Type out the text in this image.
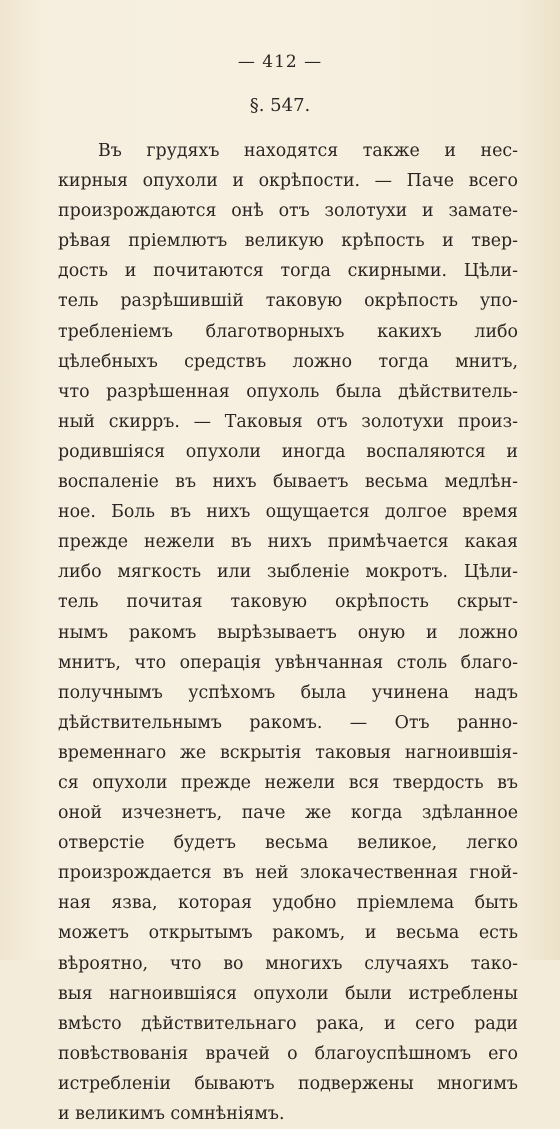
— 412 —
§. 547.
Въ грудяхъ находятся также и нес-
кирныя опухоли и окрѣпости. — Паче всего
произрождаются онѣ отъ золотухи и замате-
рѣвая пріемлютъ великую крѣпость и твер-
дость и почитаются тогда скирными. Цѣли-
тель разрѣшившій таковую окрѣпость упо-
требленіемъ благотворныхъ какихъ либо
цѣлебныхъ средствъ ложно тогда мнитъ,
что разрѣшенная опухоль была дѣйствитель-
ный скирръ. — Таковыя отъ золотухи произ-
родившіяся опухоли иногда воспаляются и
воспаленіе въ нихъ бываетъ весьма медлѣн-
ное. Боль въ нихъ ощущается долгое время
прежде нежели въ нихъ примѣчается какая
либо мягкость или зыбленіе мокротъ. Цѣли-
тель почитая таковую окрѣпость скрыт-
нымъ ракомъ вырѣзываетъ оную и ложно
мнитъ, что операція увѣнчанная столь благо-
получнымъ успѣхомъ была учинена надъ
дѣйствительнымъ ракомъ. — Отъ ранно-
временнаго же вскрытія таковыя нагноившія-
ся опухоли прежде нежели вся твердость въ
оной изчезнетъ, паче же когда здѣланное
отверстіе будетъ весьма великое, легко
произрождается въ ней злокачественная гной-
ная язва, которая удобно пріемлема быть
можетъ открытымъ ракомъ, и весьма есть
вѣроятно, что во многихъ случаяхъ тако-
выя нагноившіяся опухоли были истреблены
вмѣсто дѣйствительнаго рака, и сего ради
повѣствованія врачей о благоуспѣшномъ его
истребленіи бываютъ подвержены многимъ
и великимъ сомнѣніямъ.
